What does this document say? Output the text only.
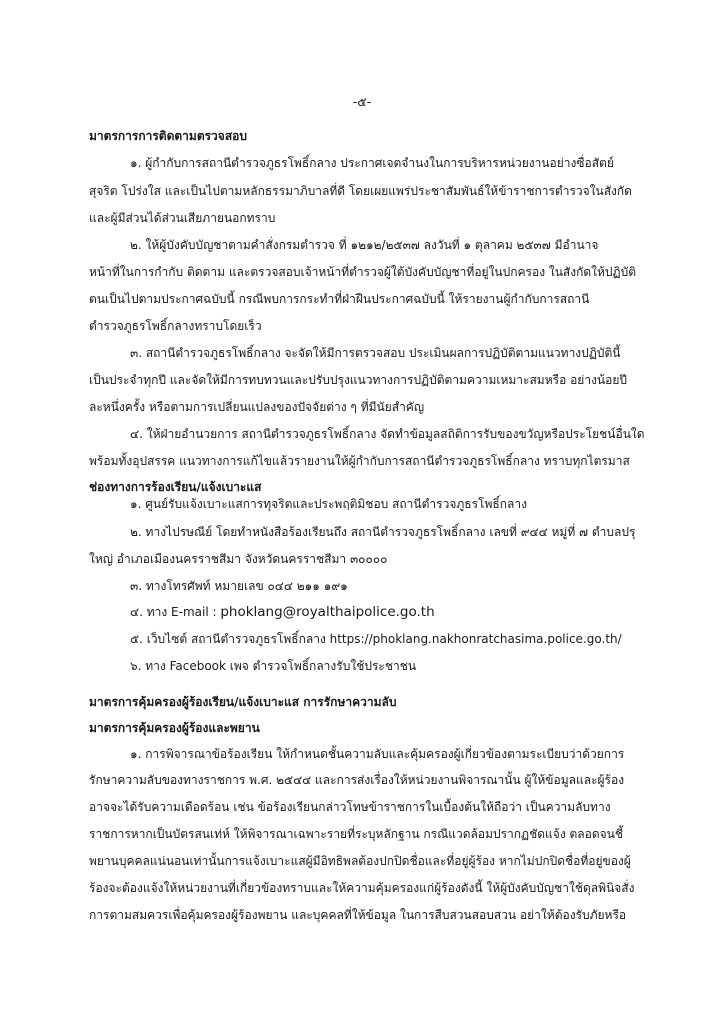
-๕-
มาตรการการติดตามตรวจสอบ
๑. ผู้กำกับการสถานีตำรวจภูธรโพธิ์กลาง ประกาศเจตจำนงในการบริหารหน่วยงานอย่างซื่อสัตย์
สุจริต โปร่งใส และเป็นไปตามหลักธรรมาภิบาลที่ดี โดยเผยแพร่ประชาสัมพันธ์ให้ข้าราชการตำรวจในสังกัด
และผู้มีส่วนได้ส่วนเสียภายนอกทราบ
๒. ให้ผู้บังคับบัญชาตามคำสั่งกรมตำรวจ ที่ ๑๒๑๒/๒๕๓๗ ลงวันที่ ๑ ตุลาคม ๒๕๓๗ มีอำนาจ
หน้าที่ในการกำกับ ติดตาม และตรวจสอบเจ้าหน้าที่ตำรวจผู้ใต้บังคับบัญชาที่อยู่ในปกครอง ในสังกัดให้ปฏิบัติ
ตนเป็นไปตามประกาศฉบับนี้ กรณีพบการกระทำที่ฝ่าฝืนประกาศฉบับนี้ ให้รายงานผู้กำกับการสถานี
ตำรวจภูธรโพธิ์กลางทราบโดยเร็ว
๓. สถานีตำรวจภูธรโพธิ์กลาง จะจัดให้มีการตรวจสอบ ประเมินผลการปฏิบัติตามแนวทางปฏิบัตินี้
เป็นประจำทุกปี และจัดให้มีการทบทวนและปรับปรุงแนวทางการปฏิบัติตามความเหมาะสมหรือ อย่างน้อยปี
ละหนึ่งครั้ง หรือตามการเปลี่ยนแปลงของปัจจัยต่าง ๆ ที่มีนัยสำคัญ
๔. ให้ฝ่ายอำนวยการ สถานีตำรวจภูธรโพธิ์กลาง จัดทำข้อมูลสถิติการรับของขวัญหรือประโยชน์อื่นใด
พร้อมทั้งอุปสรรค แนวทางการแก้ไขแล้วรายงานให้ผู้กำกับการสถานีตำรวจภูธรโพธิ์กลาง ทราบทุกไตรมาส
ช่องทางการร้องเรียน/แจ้งเบาะแส
๑. ศูนย์รับแจ้งเบาะแสการทุจริตและประพฤติมิชอบ สถานีตำรวจภูธรโพธิ์กลาง
๒. ทางไปรษณีย์ โดยทำหนังสือร้องเรียนถึง สถานีตำรวจภูธรโพธิ์กลาง เลขที่ ๙๔๔ หมู่ที่ ๗ ตำบลปรุ
ใหญ่ อำเภอเมืองนครราชสีมา จังหวัดนครราชสีมา ๓๐๐๐๐
๓. ทางโทรศัพท์ หมายเลข ๐๔๔ ๒๑๑ ๑๙๑
๔. ทาง E-mail : phoklang@royalthaipolice.go.th
๕. เว็บไซต์ สถานีตำรวจภูธรโพธิ์กลาง https://phoklang.nakhonratchasima.police.go.th/
๖. ทาง Facebook เพจ ตำรวจโพธิ์กลางรับใช้ประชาชน
มาตรการคุ้มครองผู้ร้องเรียน/แจ้งเบาะแส การรักษาความลับ
มาตรการคุ้มครองผู้ร้องและพยาน
๑. การพิจารณาข้อร้องเรียน ให้กำหนดชั้นความลับและคุ้มครองผู้เกี่ยวข้องตามระเบียบว่าด้วยการ
รักษาความลับของทางราชการ พ.ศ. ๒๕๔๔ และการส่งเรื่องให้หน่วยงานพิจารณานั้น ผู้ให้ข้อมูลและผู้ร้อง
อาจจะได้รับความเดือดร้อน เช่น ข้อร้องเรียนกล่าวโทษข้าราชการในเบื้องต้นให้ถือว่า เป็นความลับทาง
ราชการหากเป็นบัตรสนเท่ห์ ให้พิจารณาเฉพาะรายที่ระบุหลักฐาน กรณีแวดล้อมปรากฏชัดแจ้ง ตลอดจนชี้
พยานบุคคลแน่นอนเท่านั้นการแจ้งเบาะแสผู้มีอิทธิพลต้องปกปิดชื่อและที่อยู่ผู้ร้อง หากไม่ปกปิดชื่อที่อยู่ของผู้
ร้องจะต้องแจ้งให้หน่วยงานที่เกี่ยวข้องทราบและให้ความคุ้มครองแก่ผู้ร้องดังนี้ ให้ผู้บังคับบัญชาใช้ดุลพินิจสั่ง
การตามสมควรเพื่อคุ้มครองผู้ร้องพยาน และบุคคลที่ให้ข้อมูล ในการสืบสวนสอบสวน อย่าให้ต้องรับภัยหรือ
